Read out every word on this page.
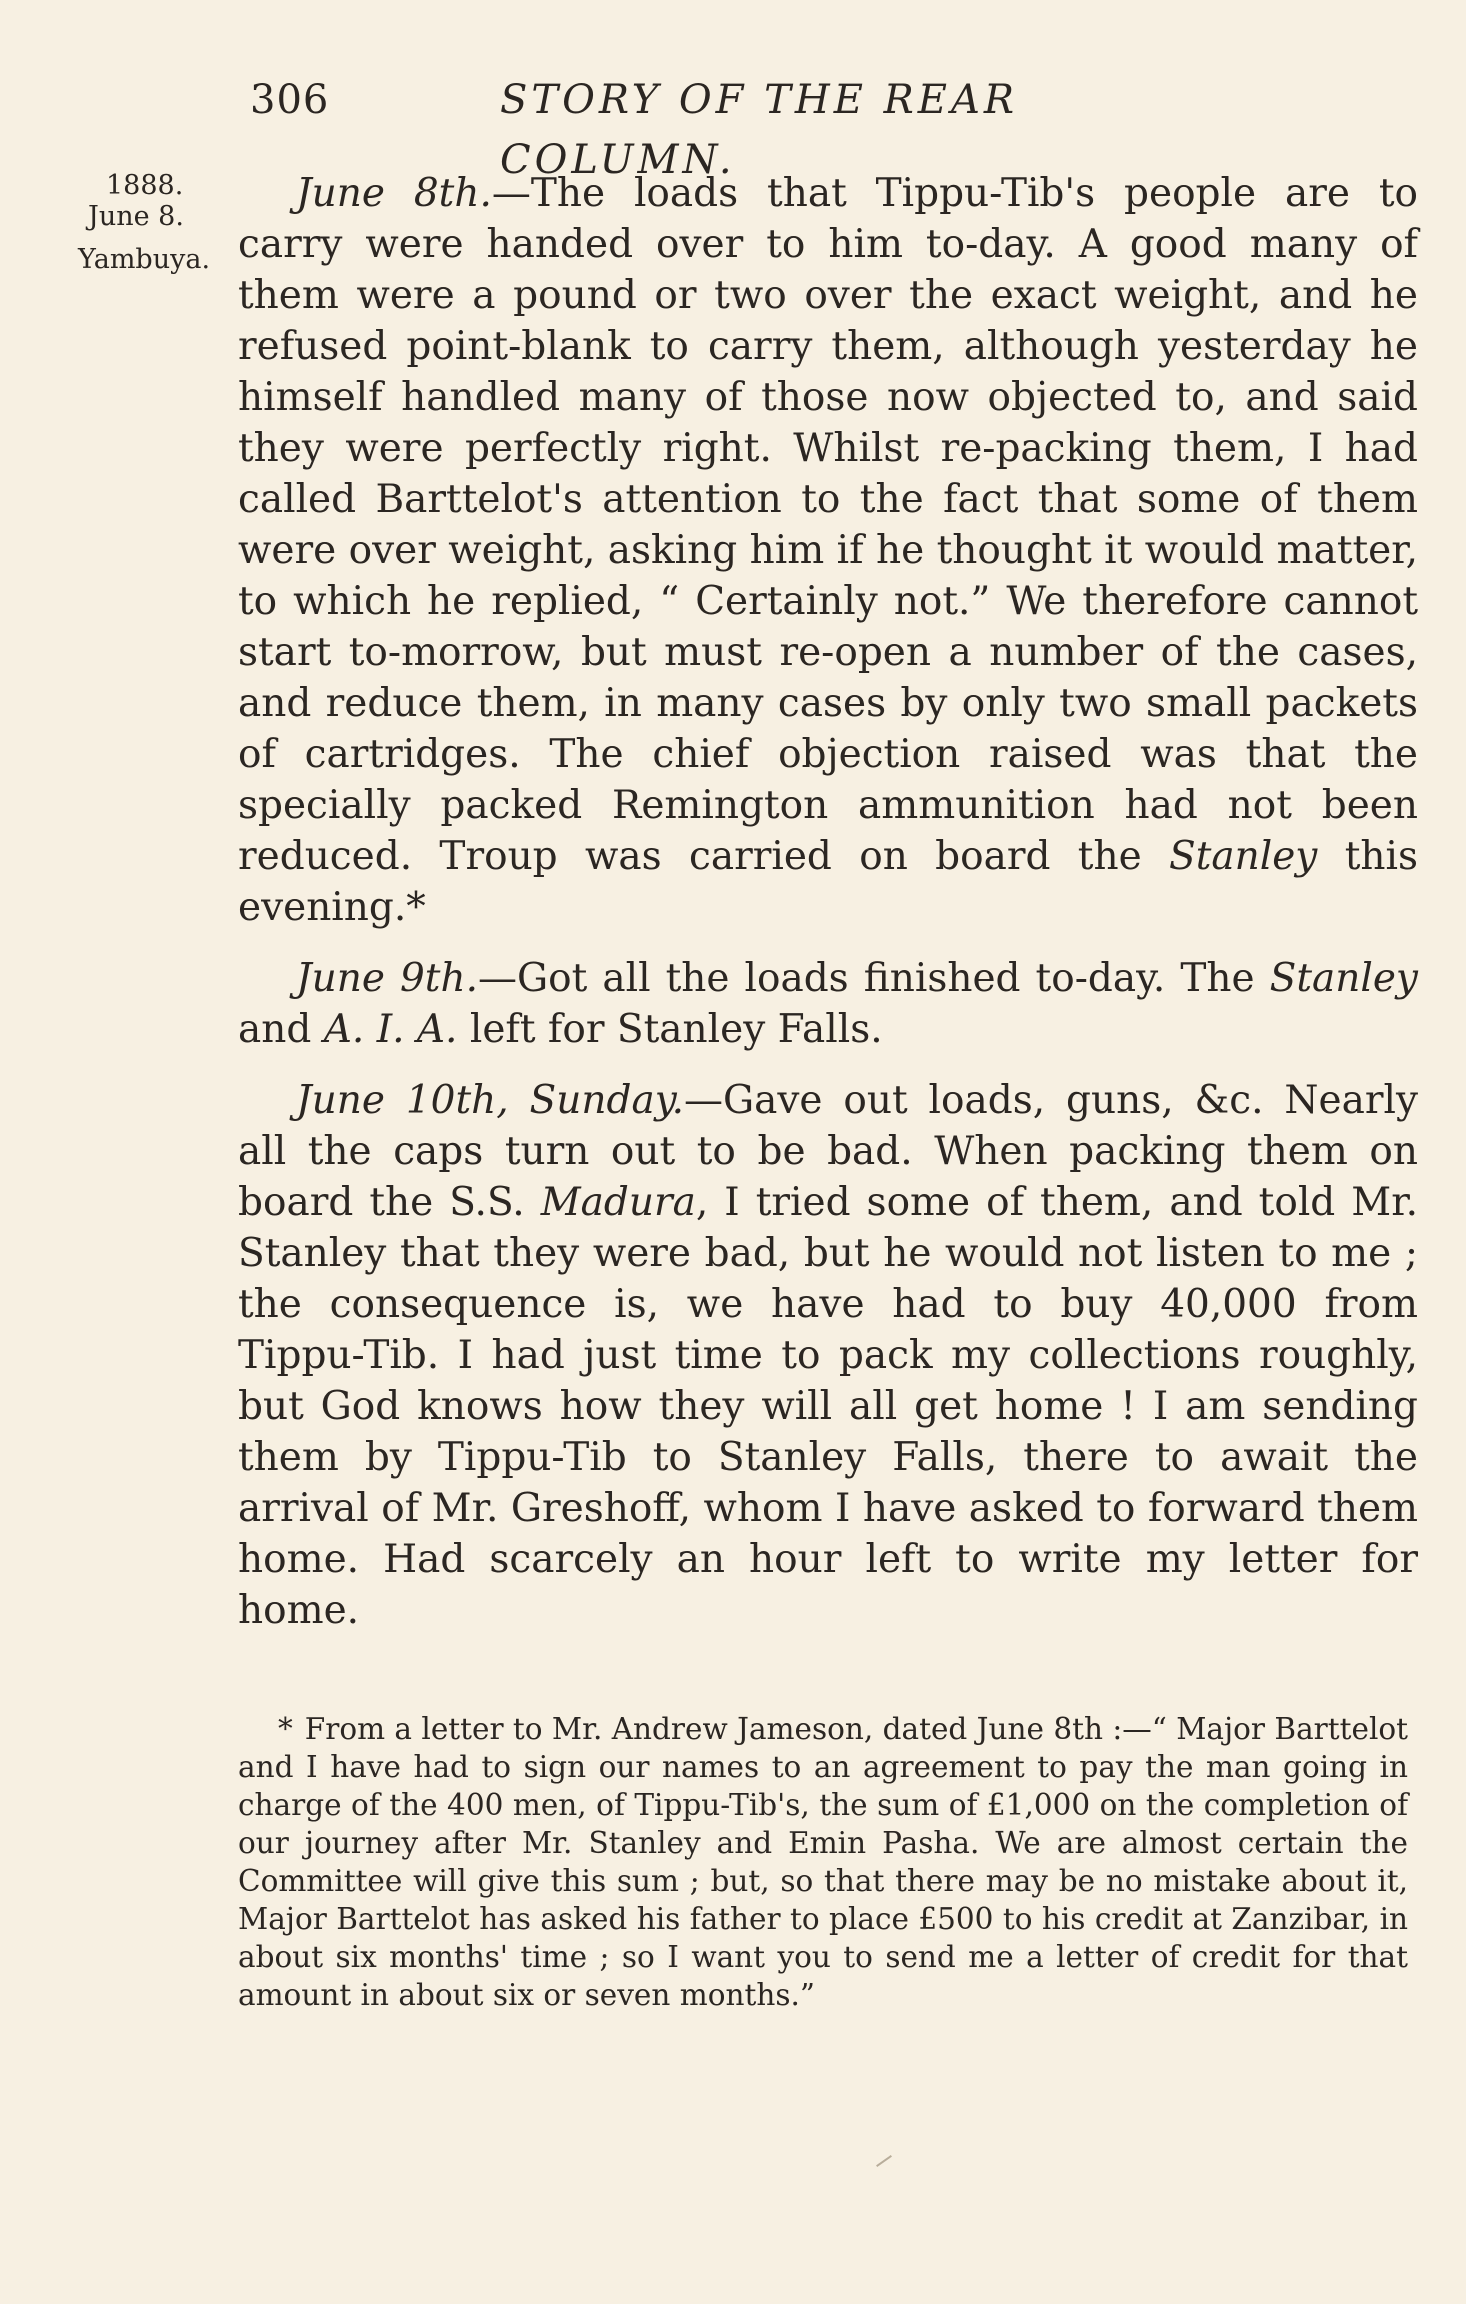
306	STORY OF THE REAR COLUMN.
1888.
June 8.
Yambuya.

June 8th.—The loads that Tippu-Tib's people are to carry were handed over to him to-day. A good many of them were a pound or two over the exact weight, and he refused point-blank to carry them, although yesterday he himself handled many of those now objected to, and said they were perfectly right. Whilst re-packing them, I had called Barttelot's attention to the fact that some of them were over weight, asking him if he thought it would matter, to which he replied, “ Certainly not.” We therefore cannot start to-morrow, but must re-open a number of the cases, and reduce them, in many cases by only two small packets of cartridges. The chief objection raised was that the specially packed Remington ammunition had not been reduced. Troup was carried on board the Stanley this evening.*

June 9th.—Got all the loads finished to-day. The Stanley and A. I. A. left for Stanley Falls.

June 10th, Sunday.—Gave out loads, guns, &c. Nearly all the caps turn out to be bad. When packing them on board the S.S. Madura, I tried some of them, and told Mr. Stanley that they were bad, but he would not listen to me ; the consequence is, we have had to buy 40,000 from Tippu-Tib. I had just time to pack my collections roughly, but God knows how they will all get home ! I am sending them by Tippu-Tib to Stanley Falls, there to await the arrival of Mr. Greshoff, whom I have asked to forward them home. Had scarcely an hour left to write my letter for home.

* From a letter to Mr. Andrew Jameson, dated June 8th :—“ Major Barttelot and I have had to sign our names to an agreement to pay the man going in charge of the 400 men, of Tippu-Tib's, the sum of £1,000 on the completion of our journey after Mr. Stanley and Emin Pasha. We are almost certain the Committee will give this sum ; but, so that there may be no mistake about it, Major Barttelot has asked his father to place £500 to his credit at Zanzibar, in about six months' time ; so I want you to send me a letter of credit for that amount in about six or seven months.”
